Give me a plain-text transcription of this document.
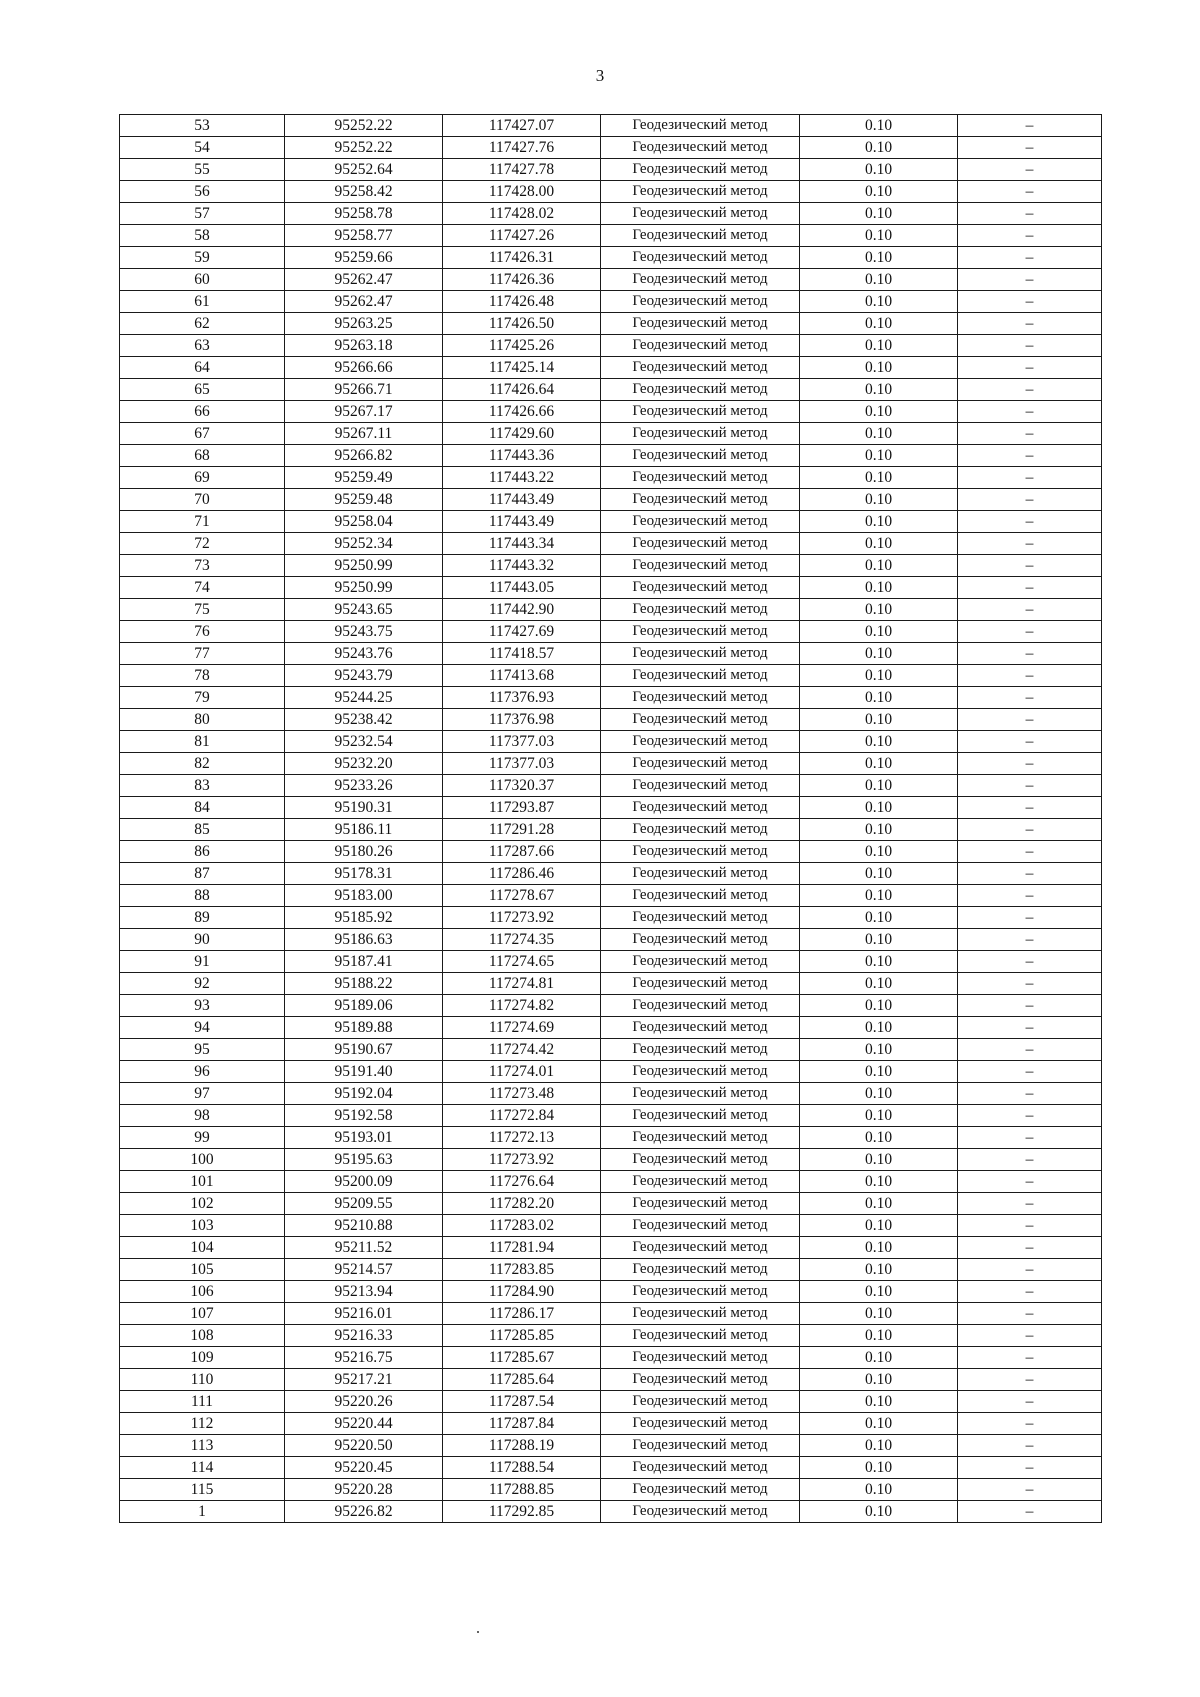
3
53	95252.22	117427.07	Геодезический метод	0.10	–
54	95252.22	117427.76	Геодезический метод	0.10	–
55	95252.64	117427.78	Геодезический метод	0.10	–
56	95258.42	117428.00	Геодезический метод	0.10	–
57	95258.78	117428.02	Геодезический метод	0.10	–
58	95258.77	117427.26	Геодезический метод	0.10	–
59	95259.66	117426.31	Геодезический метод	0.10	–
60	95262.47	117426.36	Геодезический метод	0.10	–
61	95262.47	117426.48	Геодезический метод	0.10	–
62	95263.25	117426.50	Геодезический метод	0.10	–
63	95263.18	117425.26	Геодезический метод	0.10	–
64	95266.66	117425.14	Геодезический метод	0.10	–
65	95266.71	117426.64	Геодезический метод	0.10	–
66	95267.17	117426.66	Геодезический метод	0.10	–
67	95267.11	117429.60	Геодезический метод	0.10	–
68	95266.82	117443.36	Геодезический метод	0.10	–
69	95259.49	117443.22	Геодезический метод	0.10	–
70	95259.48	117443.49	Геодезический метод	0.10	–
71	95258.04	117443.49	Геодезический метод	0.10	–
72	95252.34	117443.34	Геодезический метод	0.10	–
73	95250.99	117443.32	Геодезический метод	0.10	–
74	95250.99	117443.05	Геодезический метод	0.10	–
75	95243.65	117442.90	Геодезический метод	0.10	–
76	95243.75	117427.69	Геодезический метод	0.10	–
77	95243.76	117418.57	Геодезический метод	0.10	–
78	95243.79	117413.68	Геодезический метод	0.10	–
79	95244.25	117376.93	Геодезический метод	0.10	–
80	95238.42	117376.98	Геодезический метод	0.10	–
81	95232.54	117377.03	Геодезический метод	0.10	–
82	95232.20	117377.03	Геодезический метод	0.10	–
83	95233.26	117320.37	Геодезический метод	0.10	–
84	95190.31	117293.87	Геодезический метод	0.10	–
85	95186.11	117291.28	Геодезический метод	0.10	–
86	95180.26	117287.66	Геодезический метод	0.10	–
87	95178.31	117286.46	Геодезический метод	0.10	–
88	95183.00	117278.67	Геодезический метод	0.10	–
89	95185.92	117273.92	Геодезический метод	0.10	–
90	95186.63	117274.35	Геодезический метод	0.10	–
91	95187.41	117274.65	Геодезический метод	0.10	–
92	95188.22	117274.81	Геодезический метод	0.10	–
93	95189.06	117274.82	Геодезический метод	0.10	–
94	95189.88	117274.69	Геодезический метод	0.10	–
95	95190.67	117274.42	Геодезический метод	0.10	–
96	95191.40	117274.01	Геодезический метод	0.10	–
97	95192.04	117273.48	Геодезический метод	0.10	–
98	95192.58	117272.84	Геодезический метод	0.10	–
99	95193.01	117272.13	Геодезический метод	0.10	–
100	95195.63	117273.92	Геодезический метод	0.10	–
101	95200.09	117276.64	Геодезический метод	0.10	–
102	95209.55	117282.20	Геодезический метод	0.10	–
103	95210.88	117283.02	Геодезический метод	0.10	–
104	95211.52	117281.94	Геодезический метод	0.10	–
105	95214.57	117283.85	Геодезический метод	0.10	–
106	95213.94	117284.90	Геодезический метод	0.10	–
107	95216.01	117286.17	Геодезический метод	0.10	–
108	95216.33	117285.85	Геодезический метод	0.10	–
109	95216.75	117285.67	Геодезический метод	0.10	–
110	95217.21	117285.64	Геодезический метод	0.10	–
111	95220.26	117287.54	Геодезический метод	0.10	–
112	95220.44	117287.84	Геодезический метод	0.10	–
113	95220.50	117288.19	Геодезический метод	0.10	–
114	95220.45	117288.54	Геодезический метод	0.10	–
115	95220.28	117288.85	Геодезический метод	0.10	–
1	95226.82	117292.85	Геодезический метод	0.10	–
